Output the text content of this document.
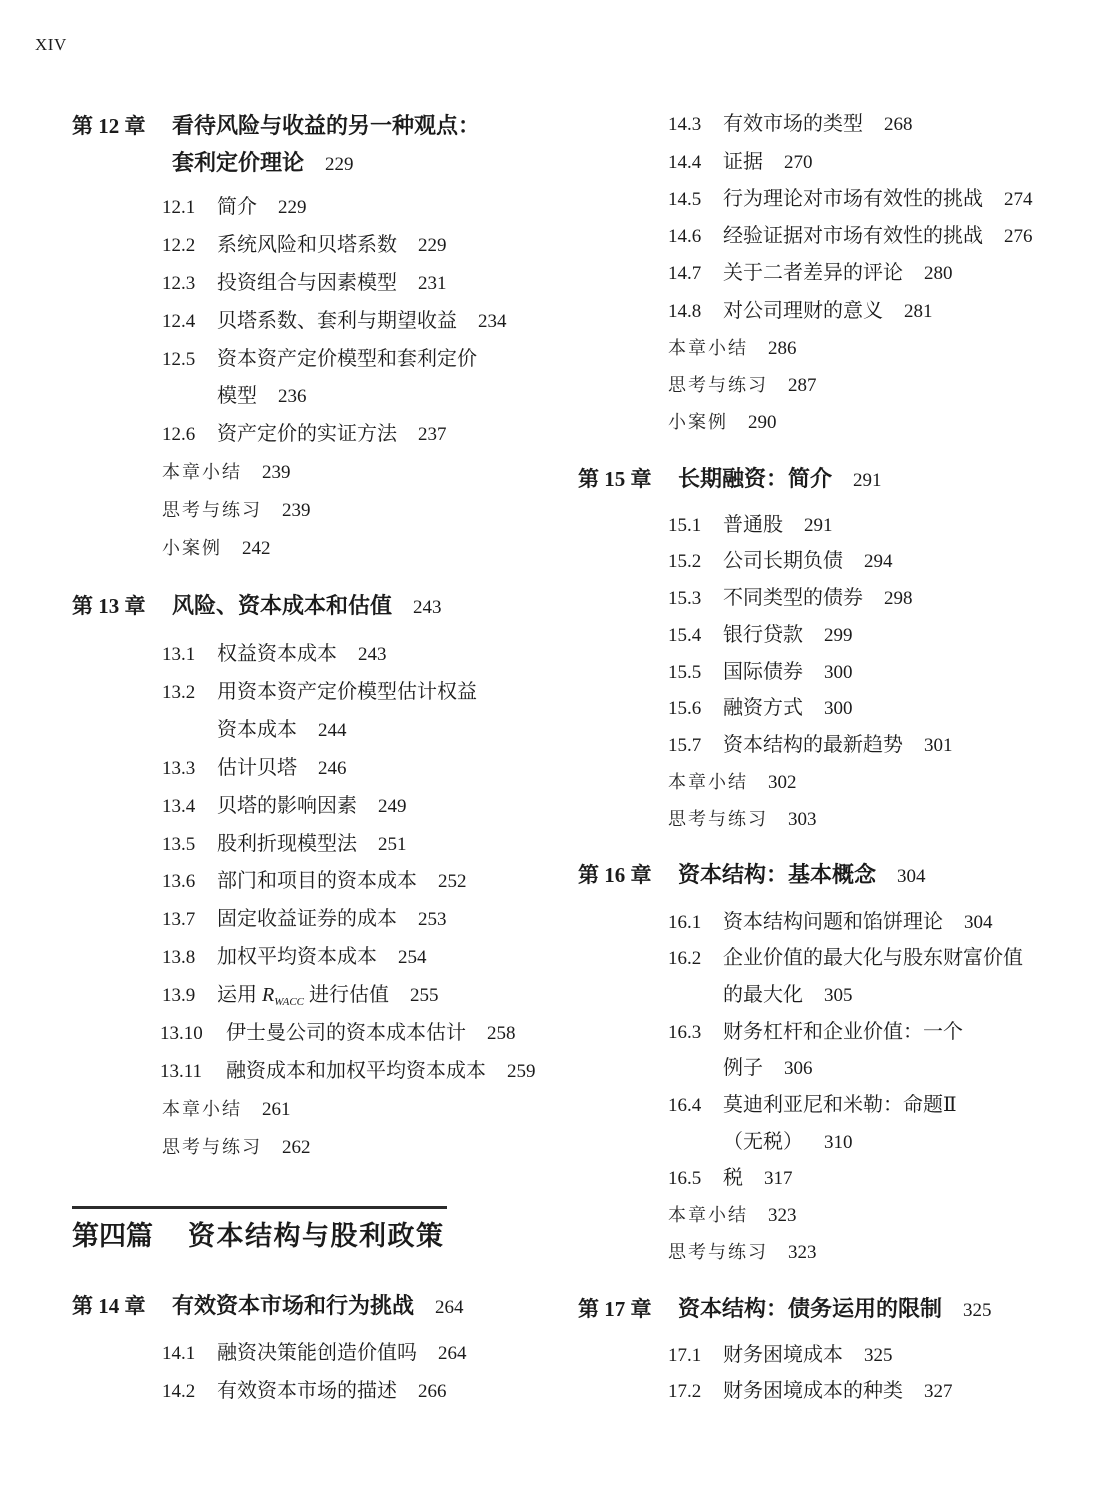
XIV
第 12 章 看待风险与收益的另一种观点：
套利定价理论 229
12.1 简介 229
12.2 系统风险和贝塔系数 229
12.3 投资组合与因素模型 231
12.4 贝塔系数、套利与期望收益 234
12.5 资本资产定价模型和套利定价
模型 236
12.6 资产定价的实证方法 237
本章小结 239
思考与练习 239
小案例 242
第 13 章 风险、资本成本和估值 243
13.1 权益资本成本 243
13.2 用资本资产定价模型估计权益
资本成本 244
13.3 估计贝塔 246
13.4 贝塔的影响因素 249
13.5 股利折现模型法 251
13.6 部门和项目的资本成本 252
13.7 固定收益证券的成本 253
13.8 加权平均资本成本 254
13.9 运用 $R_{WACC}$ 进行估值 255
13.10 伊士曼公司的资本成本估计 258
13.11 融资成本和加权平均资本成本 259
本章小结 261
思考与练习 262
第四篇 资本结构与股利政策
第 14 章 有效资本市场和行为挑战 264
14.1 融资决策能创造价值吗 264
14.2 有效资本市场的描述 266
14.3 有效市场的类型 268
14.4 证据 270
14.5 行为理论对市场有效性的挑战 274
14.6 经验证据对市场有效性的挑战 276
14.7 关于二者差异的评论 280
14.8 对公司理财的意义 281
本章小结 286
思考与练习 287
小案例 290
第 15 章 长期融资：简介 291
15.1 普通股 291
15.2 公司长期负债 294
15.3 不同类型的债券 298
15.4 银行贷款 299
15.5 国际债券 300
15.6 融资方式 300
15.7 资本结构的最新趋势 301
本章小结 302
思考与练习 303
第 16 章 资本结构：基本概念 304
16.1 资本结构问题和馅饼理论 304
16.2 企业价值的最大化与股东财富价值
的最大化 305
16.3 财务杠杆和企业价值：一个
例子 306
16.4 莫迪利亚尼和米勒：命题Ⅱ
（无税） 310
16.5 税 317
本章小结 323
思考与练习 323
第 17 章 资本结构：债务运用的限制 325
17.1 财务困境成本 325
17.2 财务困境成本的种类 327
